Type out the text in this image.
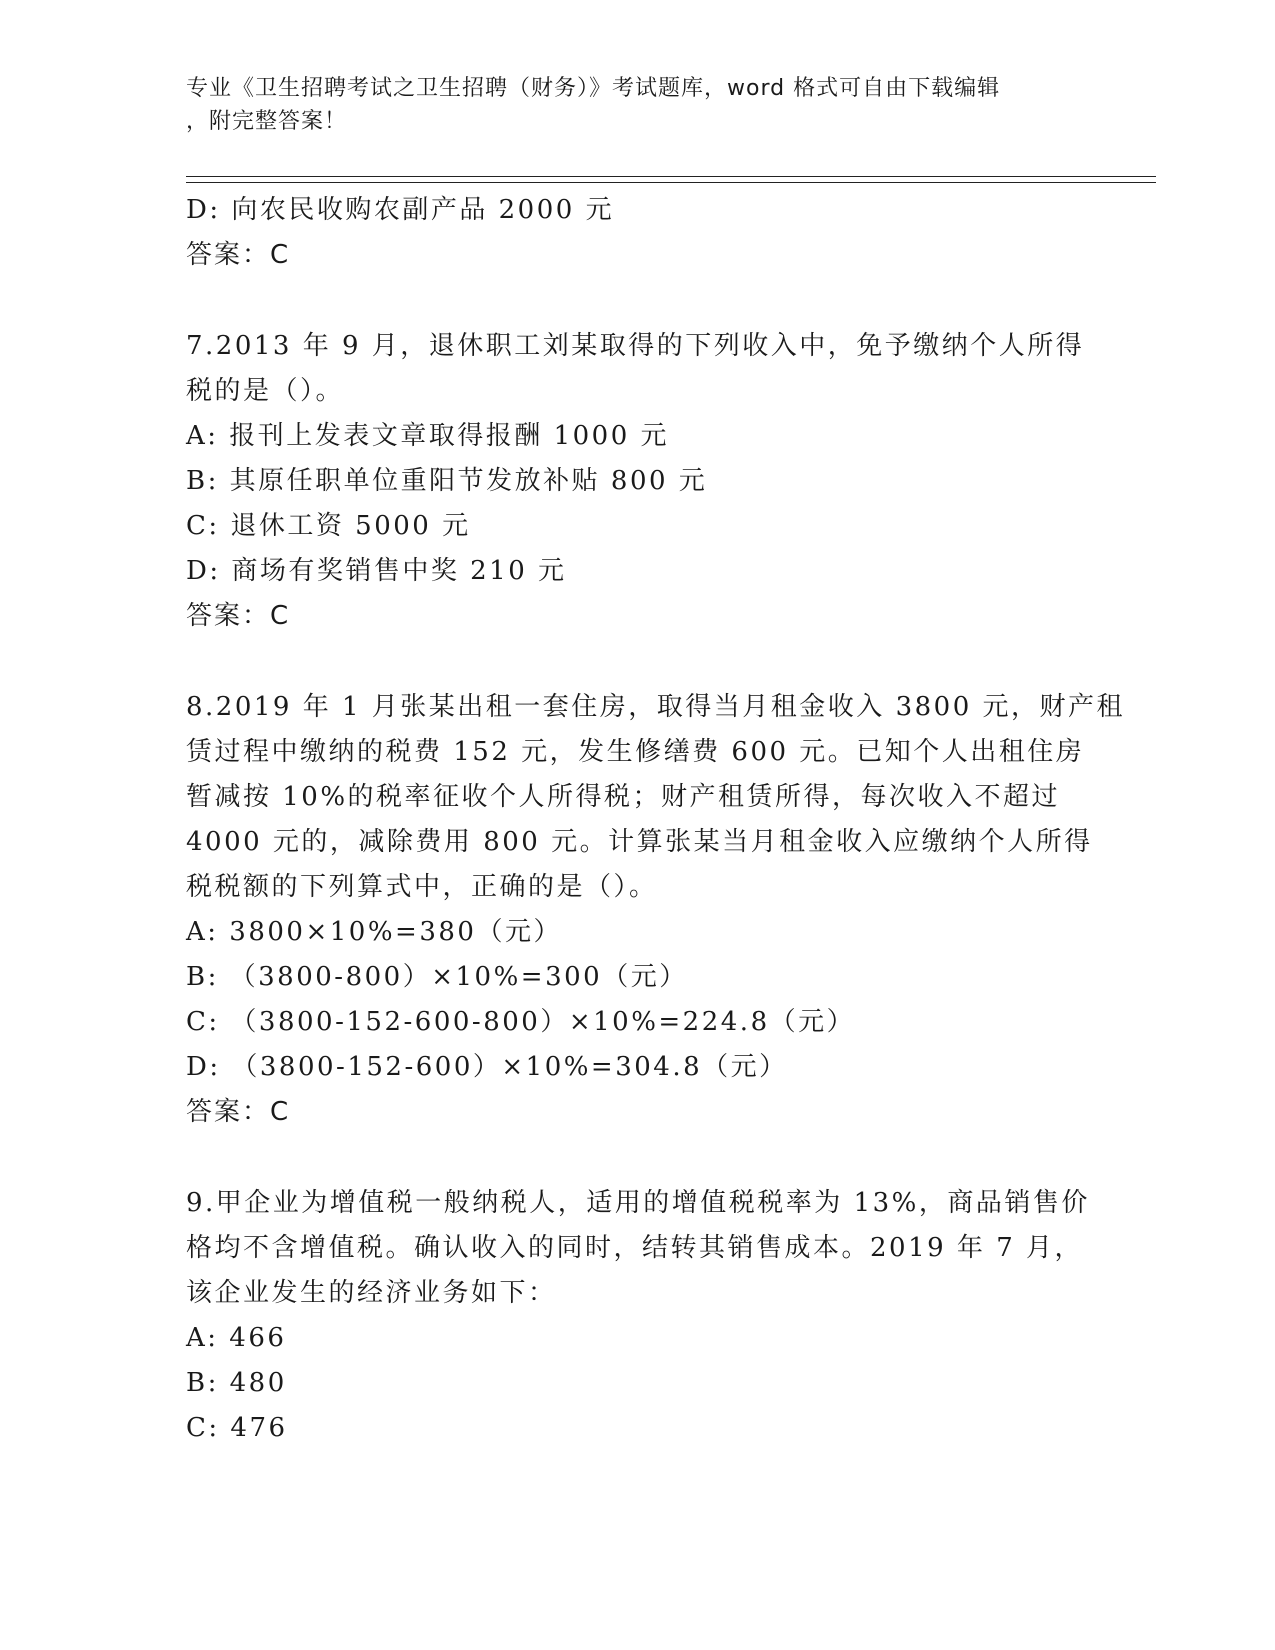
专业《卫生招聘考试之卫生招聘（财务）》考试题库，word 格式可自由下载编辑
，附完整答案！
D: 向农民收购农副产品 2000 元
答案：C
7.2013 年 9 月，退休职工刘某取得的下列收入中，免予缴纳个人所得
税的是（）。
A: 报刊上发表文章取得报酬 1000 元
B: 其原任职单位重阳节发放补贴 800 元
C: 退休工资 5000 元
D: 商场有奖销售中奖 210 元
答案：C
8.2019 年 1 月张某出租一套住房，取得当月租金收入 3800 元，财产租
赁过程中缴纳的税费 152 元，发生修缮费 600 元。已知个人出租住房
暂减按 10%的税率征收个人所得税；财产租赁所得，每次收入不超过
4000 元的，减除费用 800 元。计算张某当月租金收入应缴纳个人所得
税税额的下列算式中，正确的是（）。
A: 3800×10%=380（元）
B: （3800-800）×10%=300（元）
C: （3800-152-600-800）×10%=224.8（元）
D: （3800-152-600）×10%=304.8（元）
答案：C
9.甲企业为增值税一般纳税人，适用的增值税税率为 13%，商品销售价
格均不含增值税。确认收入的同时，结转其销售成本。2019 年 7 月，
该企业发生的经济业务如下：
A: 466
B: 480
C: 476
